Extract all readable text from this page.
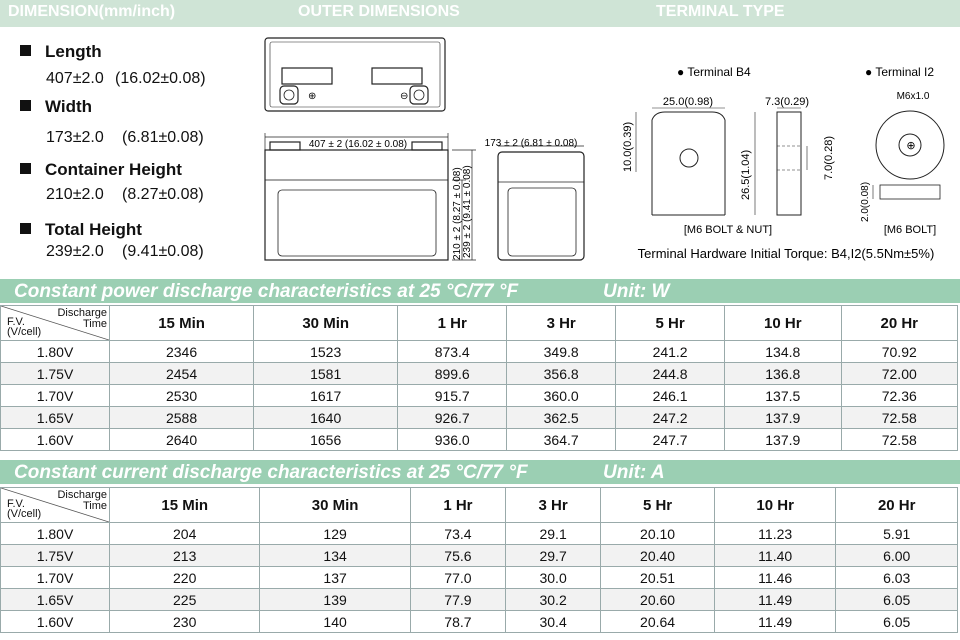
DIMENSION(mm/inch)	OUTER DIMENSIONS	TERMINAL TYPE
Length
407±2.0 (16.02±0.08)
Width
173±2.0 (6.81±0.08)
Container Height
210±2.0 (8.27±0.08)
Total Height
239±2.0 (9.41±0.08)
⊕	⊖
407 ± 2 (16.02 ± 0.08)	173 ± 2 (6.81 ± 0.08)
210 ± 2 (8.27 ± 0.08) 239 ± 2 (9.41 ± 0.08)
● Terminal B4	● Terminal I2
⊕
25.0(0.98)	7.3(0.29)
10.0(0.39)
26.5(1.04)	7.0(0.28)
M6x1.0
2.0(0.08)
[M6 BOLT & NUT]	[M6 BOLT]
Terminal Hardware Initial Torque: B4,I2(5.5Nm±5%)
Constant power discharge characteristics at 25 °C/77 °F	Unit: W
Discharge
Time
F.V.
(V/cell)	15 Min	30 Min	1 Hr	3 Hr	5 Hr	10 Hr	20 Hr
1.80V	2346	1523	873.4	349.8	241.2	134.8	70.92
1.75V	2454	1581	899.6	356.8	244.8	136.8	72.00
1.70V	2530	1617	915.7	360.0	246.1	137.5	72.36
1.65V	2588	1640	926.7	362.5	247.2	137.9	72.58
1.60V	2640	1656	936.0	364.7	247.7	137.9	72.58
Constant current discharge characteristics at 25 °C/77 °F	Unit: A
Discharge
Time
F.V.
(V/cell)	15 Min	30 Min	1 Hr	3 Hr	5 Hr	10 Hr	20 Hr
1.80V	204	129	73.4	29.1	20.10	11.23	5.91
1.75V	213	134	75.6	29.7	20.40	11.40	6.00
1.70V	220	137	77.0	30.0	20.51	11.46	6.03
1.65V	225	139	77.9	30.2	20.60	11.49	6.05
1.60V	230	140	78.7	30.4	20.64	11.49	6.05
